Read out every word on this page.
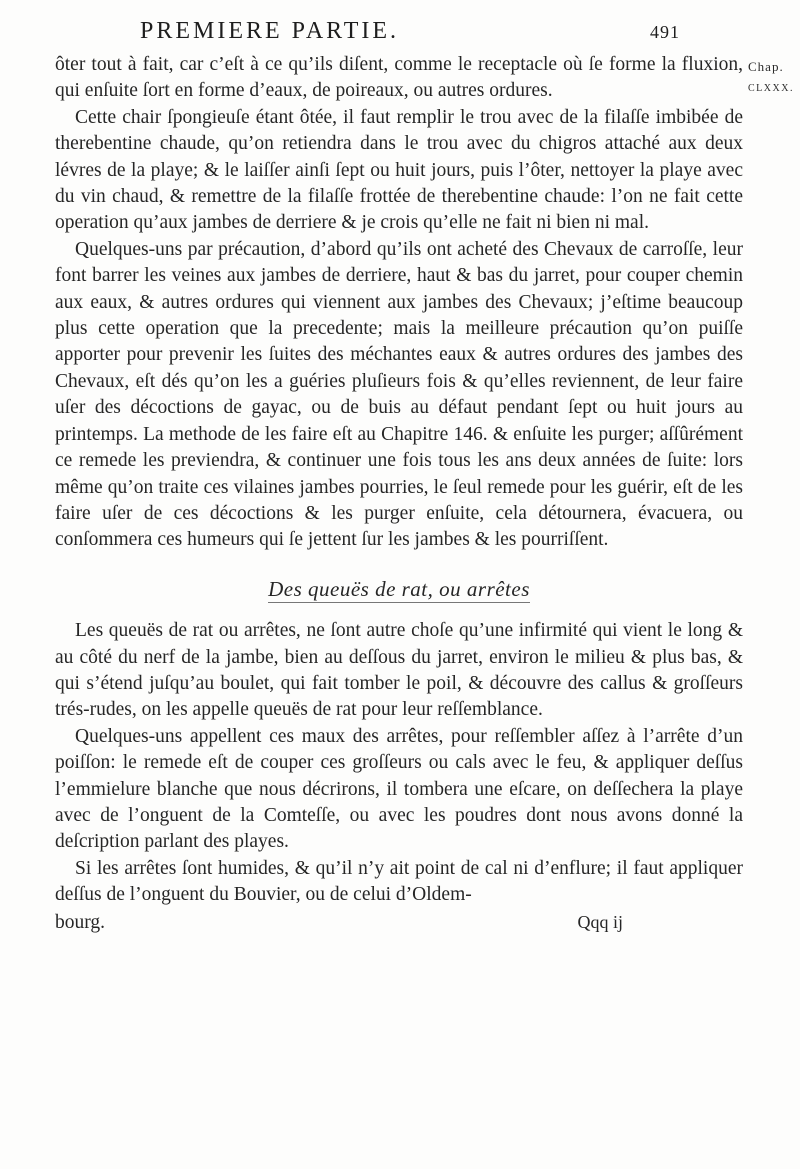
PREMIERE PARTIE.	491
Chap.
CLXXX.

ôter tout à fait, car c’eſt à ce qu’ils diſent, comme le receptacle où ſe forme la fluxion, qui enſuite ſort en forme d’eaux, de poireaux, ou autres ordures.

Cette chair ſpongieuſe étant ôtée, il faut remplir le trou avec de la filaſſe imbibée de therebentine chaude, qu’on retiendra dans le trou avec du chigros attaché aux deux lévres de la playe; & le laiſſer ainſi ſept ou huit jours, puis l’ôter, nettoyer la playe avec du vin chaud, & remettre de la filaſſe frottée de therebentine chaude: l’on ne fait cette operation qu’aux jambes de derriere & je crois qu’elle ne fait ni bien ni mal.

Quelques-uns par précaution, d’abord qu’ils ont acheté des Chevaux de carroſſe, leur font barrer les veines aux jambes de derriere, haut & bas du jarret, pour couper chemin aux eaux, & autres ordures qui viennent aux jambes des Chevaux; j’eſtime beaucoup plus cette operation que la precedente; mais la meilleure précaution qu’on puiſſe apporter pour prevenir les ſuites des méchantes eaux & autres ordures des jambes des Chevaux, eſt dés qu’on les a guéries pluſieurs fois & qu’elles reviennent, de leur faire uſer des décoctions de gayac, ou de buis au défaut pendant ſept ou huit jours au printemps. La methode de les faire eſt au Chapitre 146. & enſuite les purger; aſſûrément ce remede les previendra, & continuer une fois tous les ans deux années de ſuite: lors même qu’on traite ces vilaines jambes pourries, le ſeul remede pour les guérir, eſt de les faire uſer de ces décoctions & les purger enſuite, cela détournera, évacuera, ou conſommera ces humeurs qui ſe jettent ſur les jambes & les pourriſſent.

Des queuës de rat, ou arrêtes

Les queuës de rat ou arrêtes, ne ſont autre choſe qu’une infirmité qui vient le long & au côté du nerf de la jambe, bien au deſſous du jarret, environ le milieu & plus bas, & qui s’étend juſqu’au boulet, qui fait tomber le poil, & découvre des callus & groſſeurs trés-rudes, on les appelle queuës de rat pour leur reſſemblance.

Quelques-uns appellent ces maux des arrêtes, pour reſſembler aſſez à l’arrête d’un poiſſon: le remede eſt de couper ces groſſeurs ou cals avec le feu, & appliquer deſſus l’emmielure blanche que nous décrirons, il tombera une eſcare, on deſſechera la playe avec de l’onguent de la Comteſſe, ou avec les poudres dont nous avons donné la deſcription parlant des playes.

Si les arrêtes ſont humides, & qu’il n’y ait point de cal ni d’enflure; il faut appliquer deſſus de l’onguent du Bouvier, ou de celui d’Oldem-

bourg.	Qqq ij
